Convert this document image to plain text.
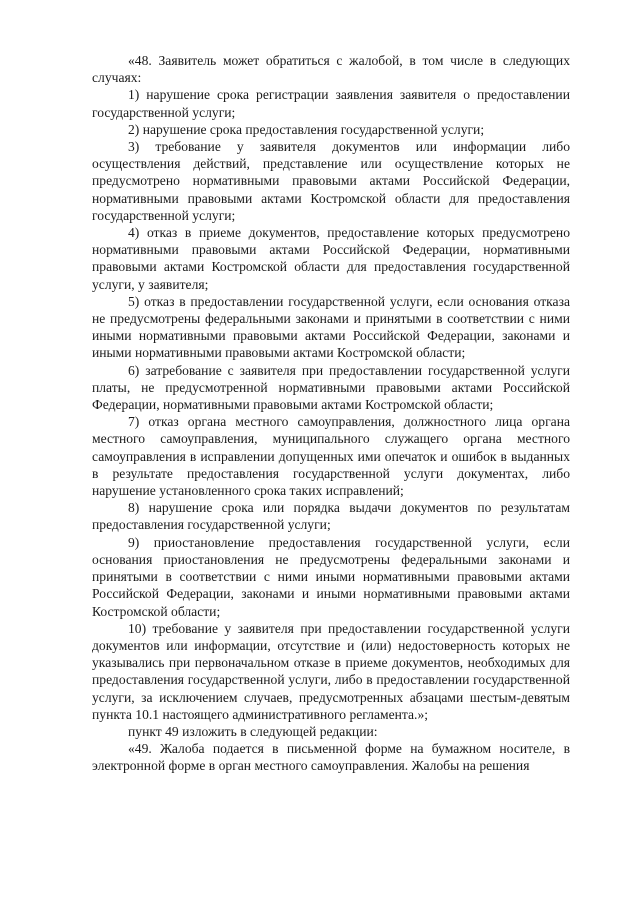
«48. Заявитель может обратиться с жалобой, в том числе в следующих случаях:

1) нарушение срока регистрации заявления заявителя о предоставлении государственной услуги;

2) нарушение срока предоставления государственной услуги;

3) требование у заявителя документов или информации либо осуществления действий, представление или осуществление которых не предусмотрено нормативными правовыми актами Российской Федерации, нормативными правовыми актами Костромской области для предоставления государственной услуги;

4) отказ в приеме документов, предоставление которых предусмотрено нормативными правовыми актами Российской Федерации, нормативными правовыми актами Костромской области для предоставления государственной услуги, у заявителя;

5) отказ в предоставлении государственной услуги, если основания отказа не предусмотрены федеральными законами и принятыми в соответствии с ними иными нормативными правовыми актами Российской Федерации, законами и иными нормативными правовыми актами Костромской области;

6) затребование с заявителя при предоставлении государственной услуги платы, не предусмотренной нормативными правовыми актами Российской Федерации, нормативными правовыми актами Костромской области;

7) отказ органа местного самоуправления, должностного лица органа местного самоуправления, муниципального служащего органа местного самоуправления в исправлении допущенных ими опечаток и ошибок в выданных в результате предоставления государственной услуги документах, либо нарушение установленного срока таких исправлений;

8) нарушение срока или порядка выдачи документов по результатам предоставления государственной услуги;

9) приостановление предоставления государственной услуги, если основания приостановления не предусмотрены федеральными законами и принятыми в соответствии с ними иными нормативными правовыми актами Российской Федерации, законами и иными нормативными правовыми актами Костромской области;

10) требование у заявителя при предоставлении государственной услуги документов или информации, отсутствие и (или) недостоверность которых не указывались при первоначальном отказе в приеме документов, необходимых для предоставления государственной услуги, либо в предоставлении государственной услуги, за исключением случаев, предусмотренных абзацами шестым-девятым пункта 10.1 настоящего административного регламента.»;

пункт 49 изложить в следующей редакции:

«49. Жалоба подается в письменной форме на бумажном носителе, в электронной форме в орган местного самоуправления. Жалобы на решения
